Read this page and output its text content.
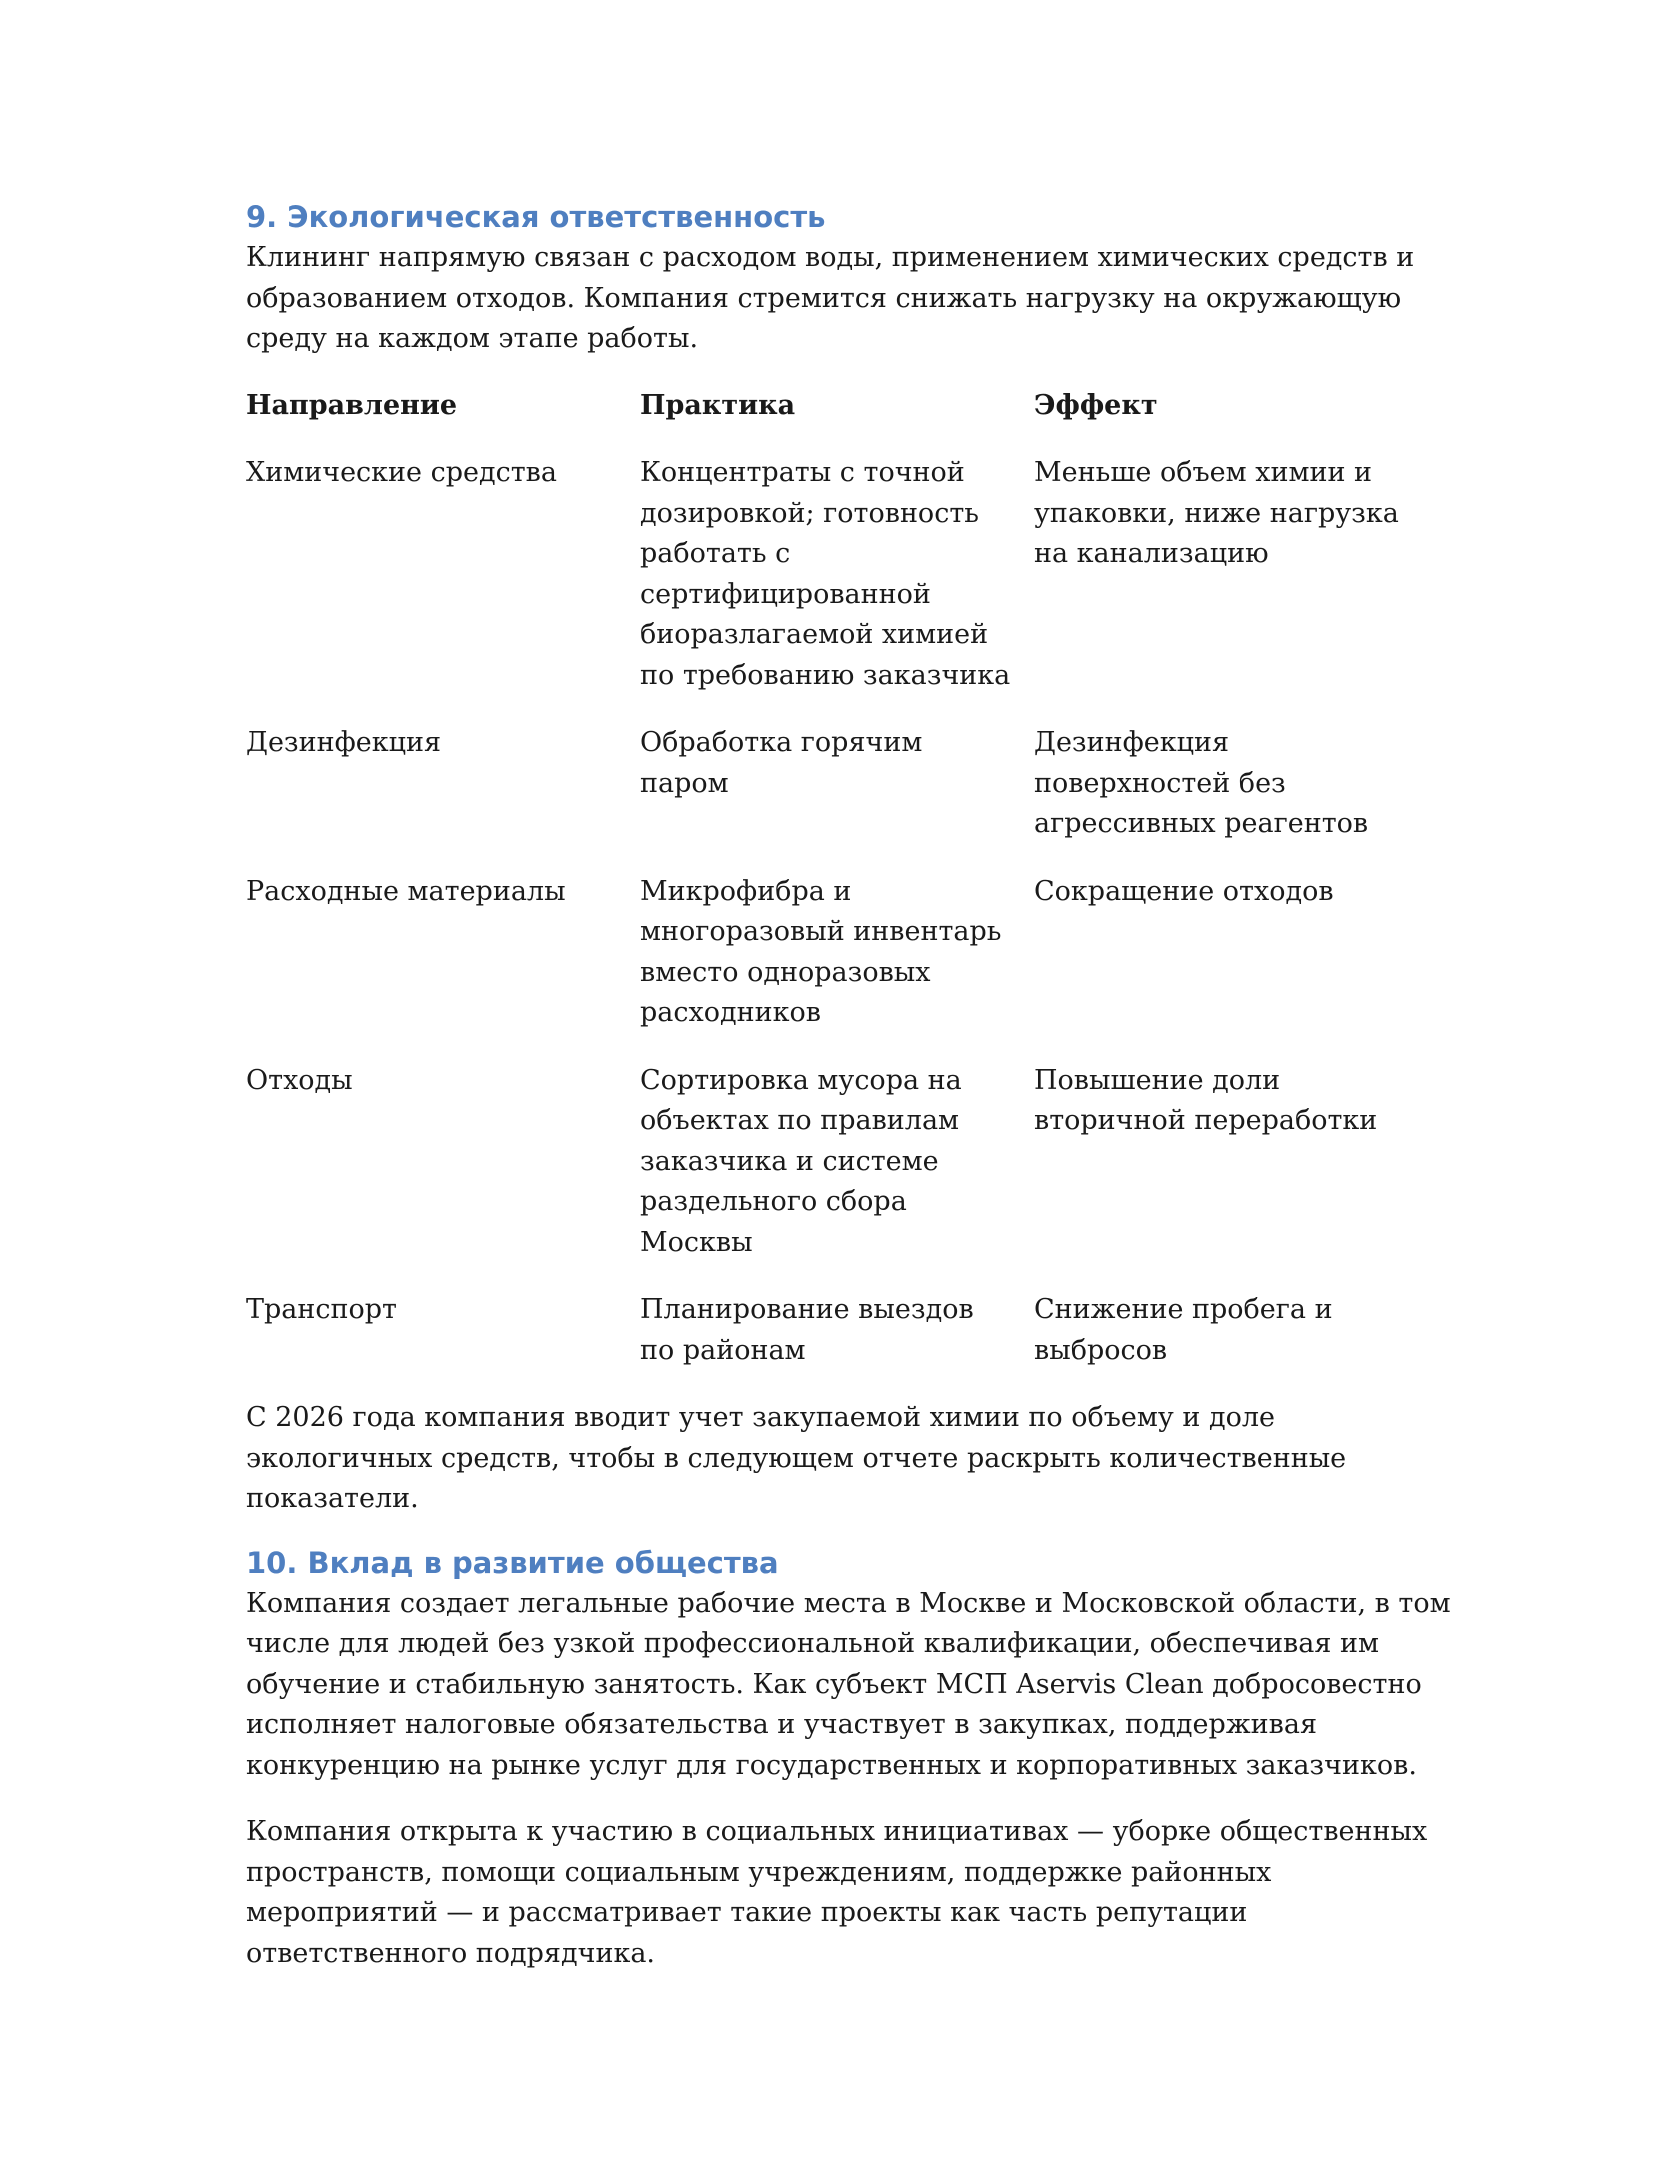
9. Экологическая ответственность

Клининг напрямую связан с расходом воды, применением химических средств и образованием отходов. Компания стремится снижать нагрузку на окружающую среду на каждом этапе работы.

Направление	Практика	Эффект

Химические средства	Концентраты с точной дозировкой; готовность работать с сертифицированной биоразлагаемой химией по требованию заказчика	Меньше объем химии и упаковки, ниже нагрузка на канализацию

Дезинфекция	Обработка горячим паром	Дезинфекция поверхностей без агрессивных реагентов

Расходные материалы	Микрофибра и многоразовый инвентарь вместо одноразовых расходников	Сокращение отходов

Отходы	Сортировка мусора на объектах по правилам заказчика и системе раздельного сбора Москвы	Повышение доли вторичной переработки

Транспорт	Планирование выездов по районам	Снижение пробега и выбросов

С 2026 года компания вводит учет закупаемой химии по объему и доле экологичных средств, чтобы в следующем отчете раскрыть количественные показатели.

10. Вклад в развитие общества

Компания создает легальные рабочие места в Москве и Московской области, в том числе для людей без узкой профессиональной квалификации, обеспечивая им обучение и стабильную занятость. Как субъект МСП Aservis Clean добросовестно исполняет налоговые обязательства и участвует в закупках, поддерживая конкуренцию на рынке услуг для государственных и корпоративных заказчиков.

Компания открыта к участию в социальных инициативах — уборке общественных пространств, помощи социальным учреждениям, поддержке районных мероприятий — и рассматривает такие проекты как часть репутации ответственного подрядчика.
